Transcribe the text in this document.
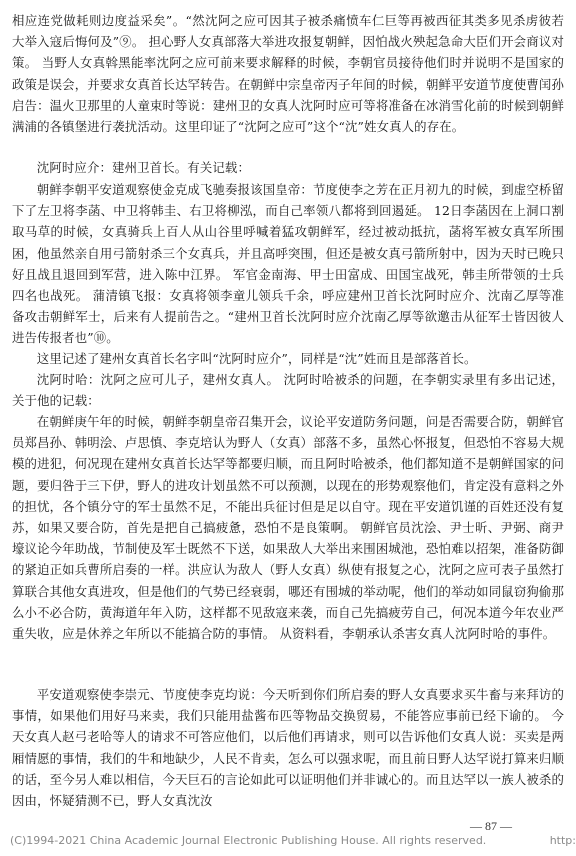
相应连党做耗则边度益采矣”。“然沈阿之应可因其子被杀痛愤车仁巨等再被西征其类多见杀虏彼若大举入寇后悔何及”⑨。 担心野人女真部落大举进攻报复朝鲜，因怕战火殃起急命大臣们开会商议对策。 当野人女真斡黑能率沈阿之应可前来要求解释的时候，李朝官员接待他们时并说明不是国家的政策是误会，并要求女真首长达罕转告。在朝鲜中宗皇帝丙子年间的时候，朝鲜平安道节度使曹闰孙启告：温火卫那里的人童束时等说：建州卫的女真人沈阿时应可等将准备在冰消雪化前的时候到朝鲜满浦的各镇堡进行袭扰活动。这里印证了“沈阿之应可”这个“沈”姓女真人的存在。

沈阿时应介：建州卫首长。有关记载：

朝鲜李朝平安道观察使金克成飞驰奏报该国皇帝：节度使李之芳在正月初九的时候，到虚空桥留下了左卫将李菡、中卫将韩圭、右卫将柳泓，而自己率领八都将到回遏延。 12日李菡因在上洞口割取马草的时候，女真骑兵上百人从山谷里呼喊着猛攻朝鲜军，经过被动抵抗，菡将军被女真军所围困，他虽然亲自用弓箭射杀三个女真兵，并且高呼突围，但还是被女真弓箭所射中，因为天时已晚只好且战且退回到军营，进入陈中江界。 军官金南海、甲士田富成、田国宝战死，韩圭所带领的士兵四名也战死。 蒲清镇飞报：女真将领李童儿领兵千余，呼应建州卫首长沈阿时应介、沈南乙厚等准备攻击朝鲜军士，后来有人提前告之。“建州卫首长沈阿时应介沈南乙厚等欲邀击从征军士皆因彼人进告传报者也”⑩。

这里记述了建州女真首长名字叫“沈阿时应介”，同样是“沈”姓而且是部落首长。

沈阿时哈：沈阿之应可儿子，建州女真人。 沈阿时哈被杀的问题，在李朝实录里有多出记述，关于他的记载：

在朝鲜庚午年的时候，朝鲜李朝皇帝召集开会，议论平安道防务问题，问是否需要合防，朝鲜官员郑昌孙、韩明浍、卢思慎、李克培认为野人（女真）部落不多，虽然心怀报复，但恐怕不容易大规模的进犯，何况现在建州女真首长达罕等都要归顺，而且阿时哈被杀，他们都知道不是朝鲜国家的问题，要归咎于三下伊，野人的进攻计划虽然不可以预测，以现在的形势观察他们，肯定没有意料之外的担忧，各个镇分守的军士虽然不足，不能出兵征讨但是足以自守。现在平安道饥谨的百姓还没有复苏，如果又要合防，首先是把自己搞疲惫，恐怕不是良策啊。 朝鲜官员沈浍、尹士昕、尹弼、商尹壕议论今年助战，节制使及军士既然不下送，如果敌人大举出来围困城池，恐怕难以招架，准备防御的紧迫正如兵曹所启奏的一样。洪应认为敌人（野人女真）纵使有报复之心，沈阿之应可表子虽然打算联合其他女真进攻，但是他们的气势已经衰弱，哪还有围城的举动呢，他们的举动如同鼠窃狗偷那么小不必合防，黄海道年年入防，这样都不见敌寇来袭，而自己先搞疲劳自己，何况本道今年农业严重失收，应是休养之年所以不能搞合防的事情。 从资料看，李朝承认杀害女真人沈阿时哈的事件。

平安道观察使李崇元、节度使李克均说：今天听到你们所启奏的野人女真要求买牛畜与来拜访的事情，如果他们用好马来卖，我们只能用盐酱布匹等物品交换贸易，不能答应事前已经下谕的。 今天女真人赵弓老哈等人的请求不可答应他们，以后他们再请求，则可以告诉他们女真人说：买卖是两厢情愿的事情，我们的牛和地缺少，人民不肯卖，怎么可以强求呢，而且前日野人达罕说打算来归顺的话，至今另人难以相信，今天巨石的言论如此可以证明他们并非诚心的。而且达罕以一族人被杀的因由，怀疑猜测不已，野人女真沈汝

(C)1994-2021 China Academic Journal Electronic Publishing House. All rights reserved.
— 87 —
http:
